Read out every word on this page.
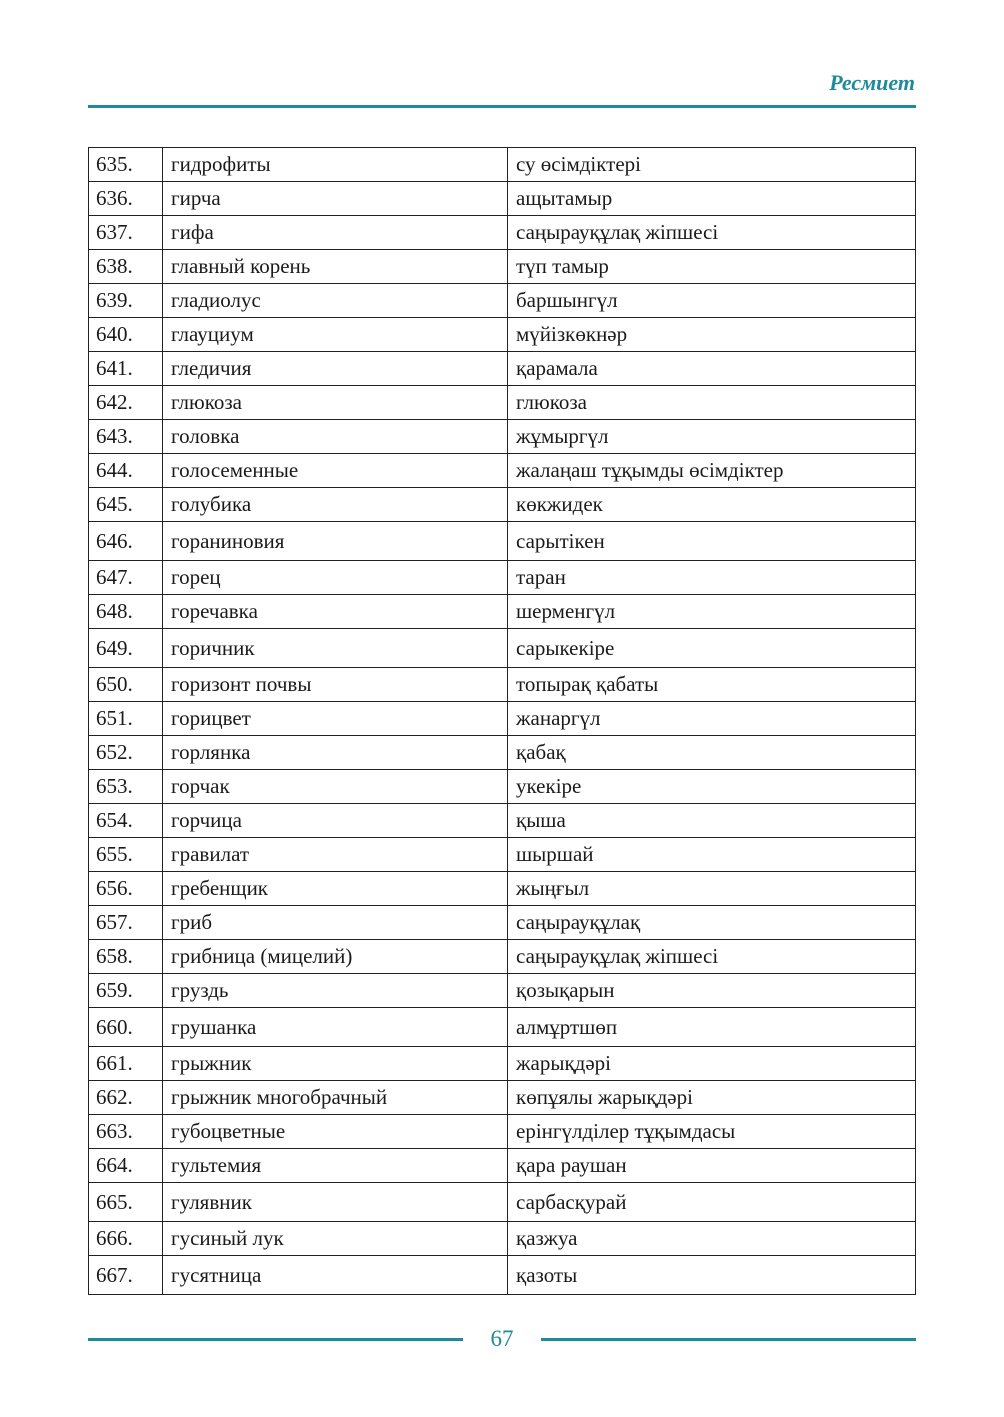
Ресмиет
635.	гидрофиты	су өсімдіктері
636.	гирча	ащытамыр
637.	гифа	саңырауқұлақ жіпшесі
638.	главный корень	түп тамыр
639.	гладиолус	баршынгүл
640.	глауциум	мүйізкөкнәр
641.	гледичия	қарамала
642.	глюкоза	глюкоза
643.	головка	жұмыргүл
644.	голосеменные	жалаңаш тұқымды өсімдіктер
645.	голубика	көкжидек
646.	гораниновия	сарытікен
647.	горец	таран
648.	горечавка	шерменгүл
649.	горичник	сарыкекіре
650.	горизонт почвы	топырақ қабаты
651.	горицвет	жанаргүл
652.	горлянка	қабақ
653.	горчак	укекіре
654.	горчица	қыша
655.	гравилат	шыршай
656.	гребенщик	жыңғыл
657.	гриб	саңырауқұлақ
658.	грибница (мицелий)	саңырауқұлақ жіпшесі
659.	груздь	қозықарын
660.	грушанка	алмұртшөп
661.	грыжник	жарықдәрі
662.	грыжник многобрачный	көпұялы жарықдәрі
663.	губоцветные	ерінгүлділер тұқымдасы
664.	гультемия	қара раушан
665.	гулявник	сарбасқурай
666.	гусиный лук	қазжуа
667.	гусятница	қазоты
67
